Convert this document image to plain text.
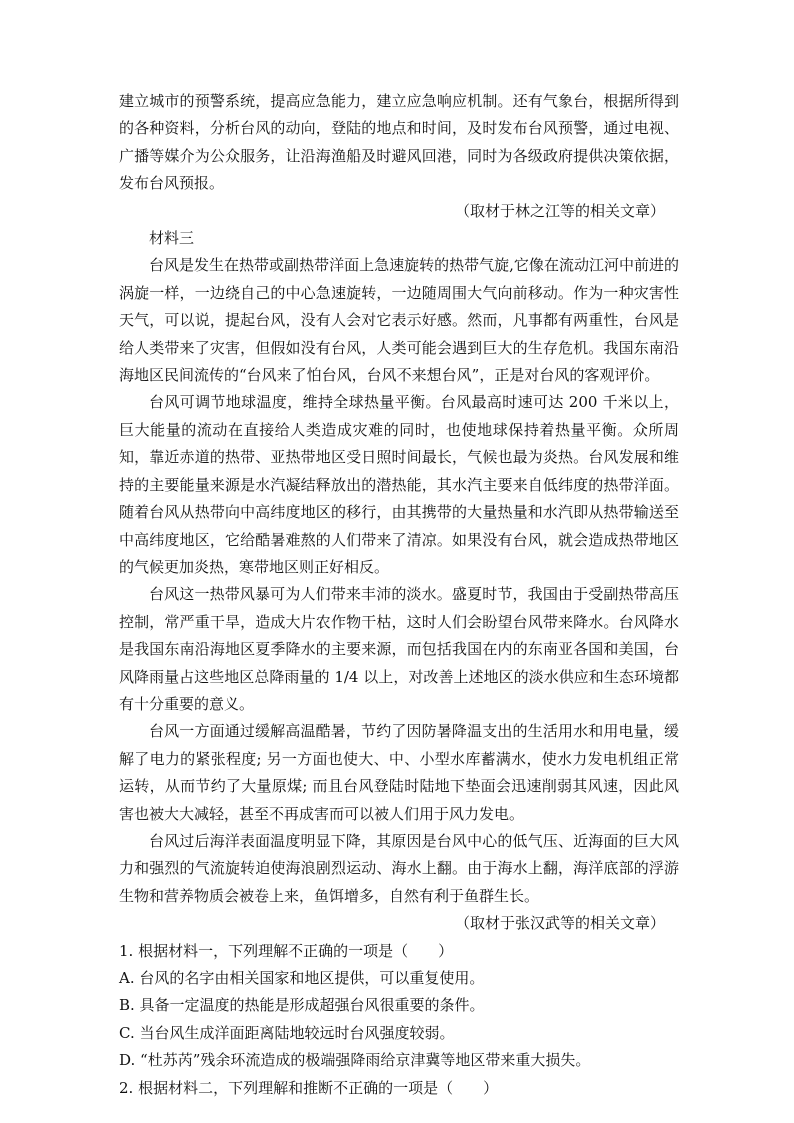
建立城市的预警系统，提高应急能力，建立应急响应机制。还有气象台，根据所得到的各种资料，分析台风的动向，登陆的地点和时间，及时发布台风预警，通过电视、广播等媒介为公众服务，让沿海渔船及时避风回港，同时为各级政府提供决策依据，发布台风预报。

（取材于林之江等的相关文章）

材料三

台风是发生在热带或副热带洋面上急速旋转的热带气旋,它像在流动江河中前进的涡旋一样，一边绕自己的中心急速旋转，一边随周围大气向前移动。作为一种灾害性天气，可以说，提起台风，没有人会对它表示好感。然而，凡事都有两重性，台风是给人类带来了灾害，但假如没有台风，人类可能会遇到巨大的生存危机。我国东南沿海地区民间流传的“台风来了怕台风，台风不来想台风”，正是对台风的客观评价。

台风可调节地球温度，维持全球热量平衡。台风最高时速可达 200 千米以上，巨大能量的流动在直接给人类造成灾难的同时，也使地球保持着热量平衡。众所周知，靠近赤道的热带、亚热带地区受日照时间最长，气候也最为炎热。台风发展和维持的主要能量来源是水汽凝结释放出的潜热能，其水汽主要来自低纬度的热带洋面。随着台风从热带向中高纬度地区的移行，由其携带的大量热量和水汽即从热带输送至中高纬度地区，它给酷暑难熬的人们带来了清凉。如果没有台风，就会造成热带地区的气候更加炎热，寒带地区则正好相反。

台风这一热带风暴可为人们带来丰沛的淡水。盛夏时节，我国由于受副热带高压控制，常严重干旱，造成大片农作物干枯，这时人们会盼望台风带来降水。台风降水是我国东南沿海地区夏季降水的主要来源，而包括我国在内的东南亚各国和美国，台风降雨量占这些地区总降雨量的 1/4 以上，对改善上述地区的淡水供应和生态环境都有十分重要的意义。

台风一方面通过缓解高温酷暑，节约了因防暑降温支出的生活用水和用电量，缓解了电力的紧张程度; 另一方面也使大、中、小型水库蓄满水，使水力发电机组正常运转，从而节约了大量原煤; 而且台风登陆时陆地下垫面会迅速削弱其风速，因此风害也被大大减轻，甚至不再成害而可以被人们用于风力发电。

台风过后海洋表面温度明显下降，其原因是台风中心的低气压、近海面的巨大风力和强烈的气流旋转迫使海浪剧烈运动、海水上翻。由于海水上翻，海洋底部的浮游生物和营养物质会被卷上来，鱼饵增多，自然有利于鱼群生长。

（取材于张汉武等的相关文章）

1. 根据材料一，下列理解不正确的一项是（　　）

A. 台风的名字由相关国家和地区提供，可以重复使用。

B. 具备一定温度的热能是形成超强台风很重要的条件。

C. 当台风生成洋面距离陆地较远时台风强度较弱。

D. “杜苏芮”残余环流造成的极端强降雨给京津冀等地区带来重大损失。

2. 根据材料二，下列理解和推断不正确的一项是（　　）
